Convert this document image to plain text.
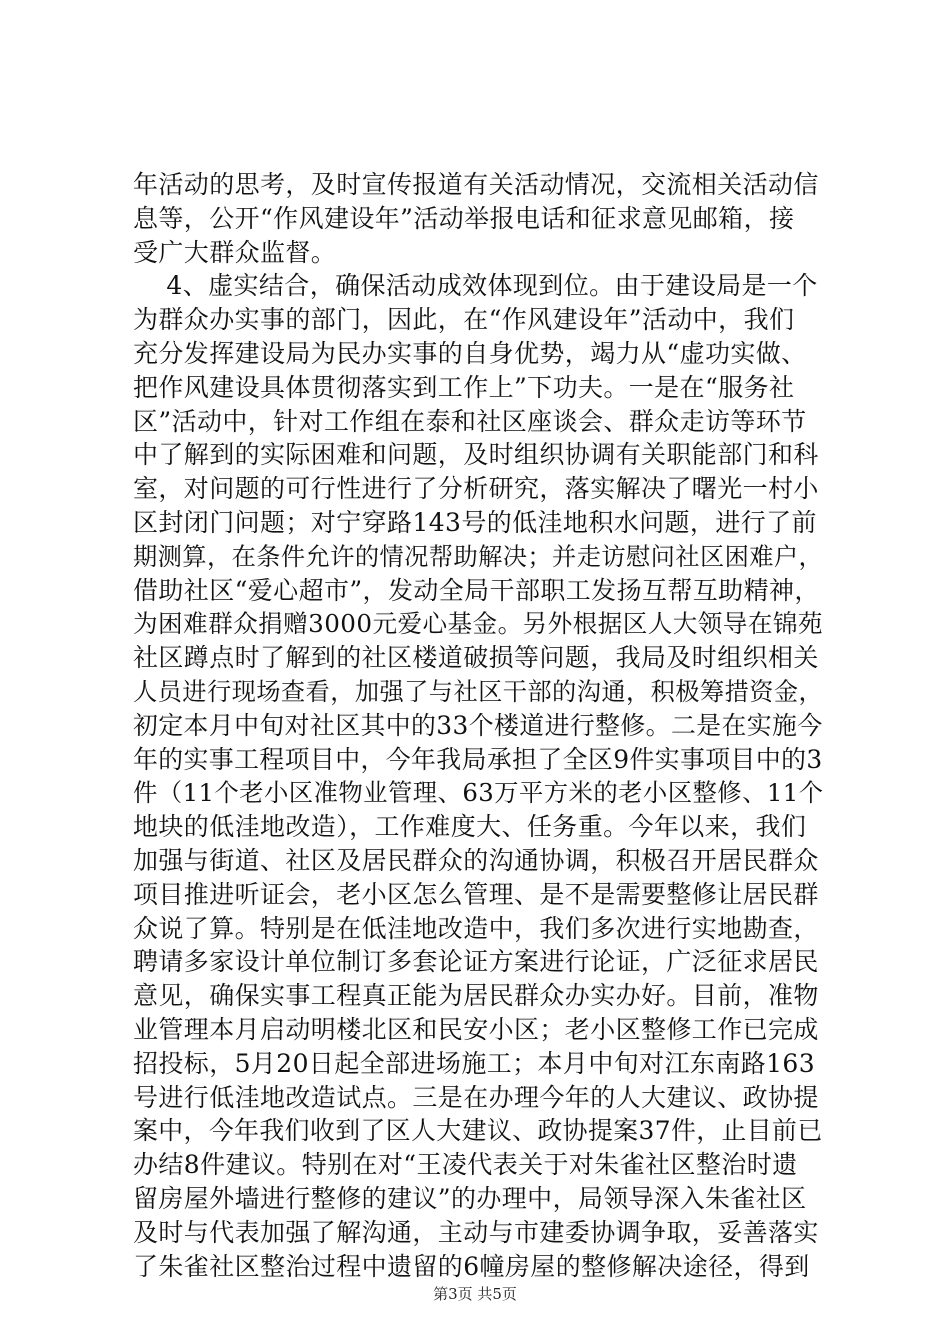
年活动的思考，及时宣传报道有关活动情况，交流相关活动信
息等，公开“作风建设年”活动举报电话和征求意见邮箱，接
受广大群众监督。
4、虚实结合，确保活动成效体现到位。由于建设局是一个
为群众办实事的部门，因此，在“作风建设年”活动中，我们
充分发挥建设局为民办实事的自身优势，竭力从“虚功实做、
把作风建设具体贯彻落实到工作上”下功夫。一是在“服务社
区”活动中，针对工作组在泰和社区座谈会、群众走访等环节
中了解到的实际困难和问题，及时组织协调有关职能部门和科
室，对问题的可行性进行了分析研究，落实解决了曙光一村小
区封闭门问题；对宁穿路143号的低洼地积水问题，进行了前
期测算，在条件允许的情况帮助解决；并走访慰问社区困难户，
借助社区“爱心超市”，发动全局干部职工发扬互帮互助精神，
为困难群众捐赠3000元爱心基金。另外根据区人大领导在锦苑
社区蹲点时了解到的社区楼道破损等问题，我局及时组织相关
人员进行现场查看，加强了与社区干部的沟通，积极筹措资金，
初定本月中旬对社区其中的33个楼道进行整修。二是在实施今
年的实事工程项目中，今年我局承担了全区9件实事项目中的3
件（11个老小区准物业管理、63万平方米的老小区整修、11个
地块的低洼地改造），工作难度大、任务重。今年以来，我们
加强与街道、社区及居民群众的沟通协调，积极召开居民群众
项目推进听证会，老小区怎么管理、是不是需要整修让居民群
众说了算。特别是在低洼地改造中，我们多次进行实地勘查，
聘请多家设计单位制订多套论证方案进行论证，广泛征求居民
意见，确保实事工程真正能为居民群众办实办好。目前，准物
业管理本月启动明楼北区和民安小区；老小区整修工作已完成
招投标，5月20日起全部进场施工；本月中旬对江东南路163
号进行低洼地改造试点。三是在办理今年的人大建议、政协提
案中，今年我们收到了区人大建议、政协提案37件，止目前已
办结8件建议。特别在对“王凌代表关于对朱雀社区整治时遗
留房屋外墙进行整修的建议”的办理中，局领导深入朱雀社区
及时与代表加强了解沟通，主动与市建委协调争取，妥善落实
了朱雀社区整治过程中遗留的6幢房屋的整修解决途径，得到
第3页 共5页
